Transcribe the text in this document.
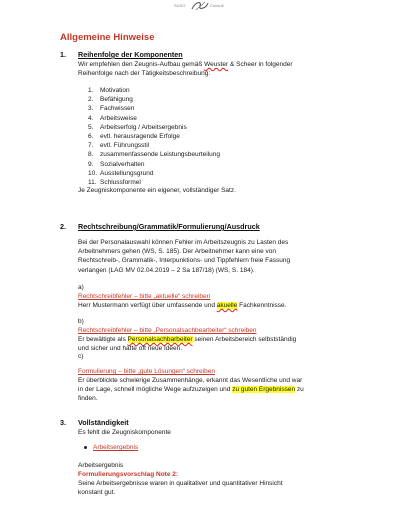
SUSO	Consult
Allgemeine Hinweise
1. Reihenfolge der Komponenten
Wir empfehlen den Zeugnis-Aufbau gemäß Weuster & Scheer in folgender
Reihenfolge nach der Tätigkeitsbeschreibung:
1.	Motivation
2.	Befähigung
3.	Fachwissen
4.	Arbeitsweise
5.	Arbeitserfolg / Arbeitsergebnis
6.	evtl. herausragende Erfolge
7.	evtl. Führungsstil
8.	zusammenfassende Leistungsbeurteilung
9.	Sozialverhalten
10. Ausstellungsgrund
11. Schlussformel
Je Zeugniskomponente ein eigener, vollständiger Satz.
2. Rechtschreibung/Grammatik/Formulierung/Ausdruck
Bei der Personalauswahl können Fehler im Arbeitszeugnis zu Lasten des
Arbeitnehmers gehen (WS, S. 185). Der Arbeitnehmer kann eine von
Rechtschreib-, Grammatik-, Interpunktions- und Tippfehlern freie Fassung
verlangen (LAG MV 02.04.2019 – 2 Sa 187/18) (WS, S. 184).
a)
Rechtschreibfehler – bitte „aktuelle“ schreiben
Herr Mustermann verfügt über umfassende und akuelle Fachkenntnisse.
b)
Rechtschreibfehler – bitte „Personalsachbearbeiter“ schreiben
Er bewältigte als Personalsachbarbeiter seinen Arbeitsbereich selbstständig
und sicher und hatte oft neue Ideen.
c)
Formulierung – bitte „gute Lösungen“ schreiben
Er überblickte schwierige Zusammenhänge, erkannt das Wesentliche und war
in der Lage, schnell mögliche Wege aufzuzeigen und zu guten Ergebnissen zu
finden.
3. Vollständigkeit
Es fehlt die Zeugniskomponente
Arbeitsergebnis
Arbeitsergebnis
Formulierungsvorschlag Note 2:
Seine Arbeitsergebnisse waren in qualitativer und quantitativer Hinsicht
konstant gut.
